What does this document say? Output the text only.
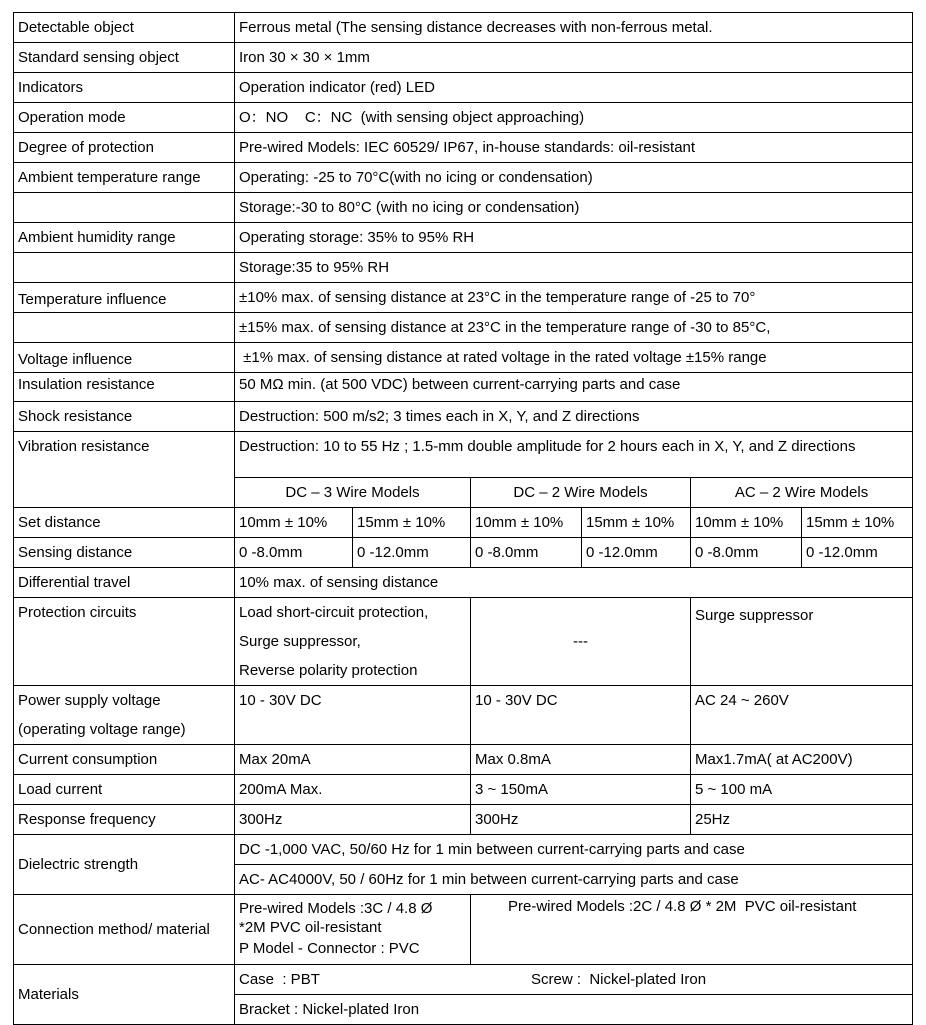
Detectable object	Ferrous metal (The sensing distance decreases with non-ferrous metal.					
Standard sensing object	Iron 30 × 30 × 1mm					
Indicators	Operation indicator (red) LED					
Operation mode	O：NO    C：NC  (with sensing object approaching)					
Degree of protection	Pre-wired Models: IEC 60529/ IP67, in-house standards: oil-resistant					
Ambient temperature range	Operating: -25 to 70°C(with no icing or condensation)					
	Storage:-30 to 80°C (with no icing or condensation)					
Ambient humidity range	Operating storage: 35% to 95% RH					
	Storage:35 to 95% RH					
Temperature influence	±10% max. of sensing distance at 23°C in the temperature range of -25 to 70°					
	±15% max. of sensing distance at 23°C in the temperature range of -30 to 85°C,					
Voltage influence	±1% max. of sensing distance at rated voltage in the rated voltage ±15% range					
Insulation resistance	50 MΩ min. (at 500 VDC) between current-carrying parts and case					
Shock resistance	Destruction: 500 m/s2; 3 times each in X, Y, and Z directions					
Vibration resistance	Destruction: 10 to 55 Hz ; 1.5-mm double amplitude for 2 hours each in X, Y, and Z directions					
	DC – 3 Wire Models		DC – 2 Wire Models		AC – 2 Wire Models	
Set distance	10mm ± 10%	15mm ± 10%	10mm ± 10%	15mm ± 10%	10mm ± 10%	15mm ± 10%
Sensing distance	0 -8.0mm	0 -12.0mm	0 -8.0mm	0 -12.0mm	0 -8.0mm	0 -12.0mm
Differential travel	10% max. of sensing distance					
Protection circuits	Load short-circuit protection,
Surge suppressor,
Reverse polarity protection		---		Surge suppressor	

Power supply voltage
(operating voltage range)	10 - 30V DC		10 - 30V DC		AC 24 ~ 260V	
Current consumption	Max 20mA		Max 0.8mA		Max1.7mA( at AC200V)	
Load current	200mA Max.		3 ~ 150mA		5 ~ 100 mA	
Response frequency	300Hz		300Hz		25Hz	
Dielectric strength	DC -1,000 VAC, 50/60 Hz for 1 min between current-carrying parts and case					
	AC- AC4000V, 50 / 60Hz for 1 min between current-carrying parts and case					
Connection method/ material	Pre-wired Models :3C / 4.8 Ø
*2M PVC oil-resistant
P Model - Connector : PVC		Pre-wired Models :2C / 4.8 Ø * 2M  PVC oil-resistant			
Materials	Case  : PBT Screw :  Nickel-plated Iron					

	Bracket : Nickel-plated Iron					
